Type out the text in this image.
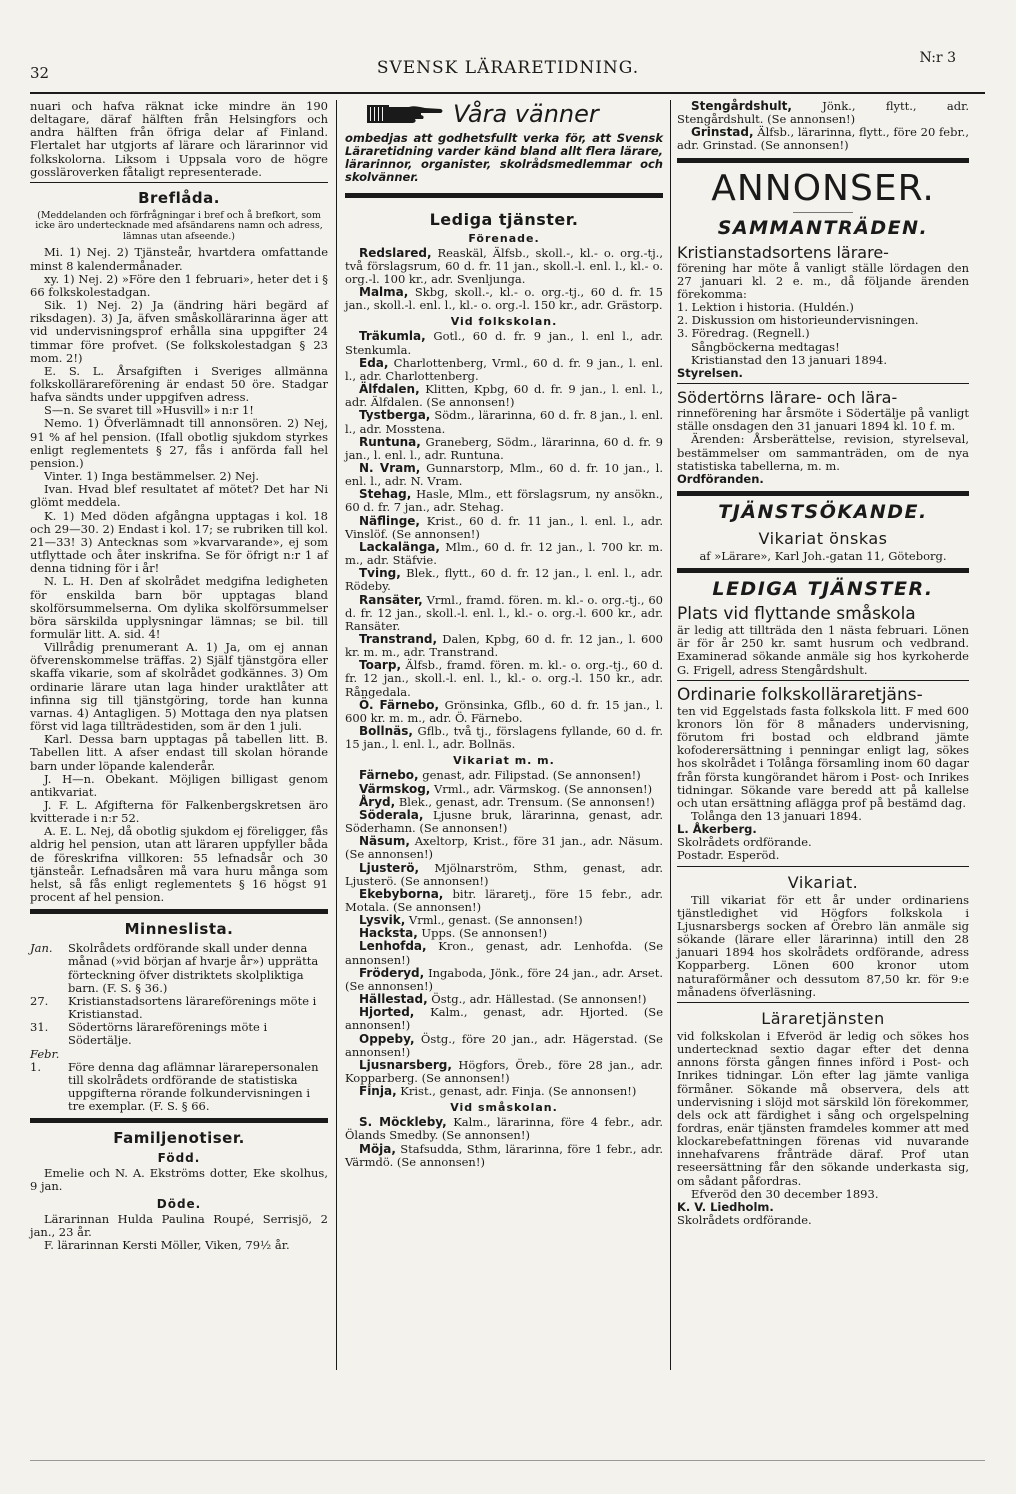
32	SVENSK LÄRARETIDNING.	N:r 3

nuari och hafva räknat icke mindre än 190 deltagare, däraf hälften från Helsingfors och andra hälften från öfriga delar af Finland. Flertalet har utgjorts af lärare och lärarinnor vid folkskolorna. Liksom i Uppsala voro de högre gossläroverken fåtaligt representerade.

Breflåda.
(Meddelanden och förfrågningar i bref och å brefkort, som icke äro undertecknade med afsändarens namn och adress, lämnas utan afseende.)

Mi. 1) Nej. 2) Tjänsteår, hvartdera omfattande minst 8 kalendermånader.

xy. 1) Nej. 2) »Före den 1 februari», heter det i § 66 folkskolestadgan.

Sik. 1) Nej. 2) Ja (ändring häri begärd af riksdagen). 3) Ja, äfven småskollärarinna äger att vid undervisningsprof erhålla sina uppgifter 24 timmar före profvet. (Se folkskolestadgan § 23 mom. 2!)

E. S. L. Årsafgiften i Sveriges allmänna folkskollärareförening är endast 50 öre. Stadgar hafva sändts under uppgifven adress.

S—n. Se svaret till »Husvill» i n:r 1!

Nemo. 1) Öfverlämnadt till annonsören. 2) Nej, 91 % af hel pension. (Ifall obotlig sjukdom styrkes enligt reglementets § 27, fås i anförda fall hel pension.)

Vinter. 1) Inga bestämmelser. 2) Nej.

Ivan. Hvad blef resultatet af mötet? Det har Ni glömt meddela.

K. 1) Med döden afgångna upptagas i kol. 18 och 29—30. 2) Endast i kol. 17; se rubriken till kol. 21—33! 3) Antecknas som »kvarvarande», ej som utflyttade och åter inskrifna. Se för öfrigt n:r 1 af denna tidning för i år!

N. L. H. Den af skolrådet medgifna ledigheten för enskilda barn bör upptagas bland skolförsummelserna. Om dylika skolförsummelser böra särskilda upplysningar lämnas; se bil. till formulär litt. A. sid. 4!

Villrådig prenumerant A. 1) Ja, om ej annan öfverenskommelse träffas. 2) Själf tjänstgöra eller skaffa vikarie, som af skolrådet godkännes. 3) Om ordinarie lärare utan laga hinder uraktlåter att infinna sig till tjänstgöring, torde han kunna varnas. 4) Antagligen. 5) Mottaga den nya platsen först vid laga tillträdestiden, som är den 1 juli.

Karl. Dessa barn upptagas på tabellen litt. B. Tabellen litt. A afser endast till skolan hörande barn under löpande kalenderår.

J. H—n. Obekant. Möjligen billigast genom antikvariat.

J. F. L. Afgifterna för Falkenbergskretsen äro kvitterade i n:r 52.

A. E. L. Nej, då obotlig sjukdom ej föreligger, fås aldrig hel pension, utan att läraren uppfyller båda de föreskrifna villkoren: 55 lefnadsår och 30 tjänsteår. Lefnadsåren må vara huru många som helst, så fås enligt reglementets § 16 högst 91 procent af hel pension.

Minneslista.
Jan. Skolrådets ordförande skall under denna månad (»vid början af hvarje år») upprätta förteckning öfver distriktets skolpliktiga barn. (F. S. § 36.)
27. Kristianstadsortens lärareförenings möte i Kristianstad.
31. Södertörns lärareförenings möte i Södertälje.
Febr.
1. Före denna dag aflämnar lärarepersonalen till skolrådets ordförande de statistiska uppgifterna rörande folkundervisningen i tre exemplar. (F. S. § 66.
Familjenotiser.
Född.

Emelie och N. A. Ekströms dotter, Eke skolhus, 9 jan.

Döde.

Lärarinnan Hulda Paulina Roupé, Serrisjö, 2 jan., 23 år.

F. lärarinnan Kersti Möller, Viken, 79½ år.

Våra vänner

ombedjas att godhetsfullt verka för, att Svensk Läraretidning varder känd bland allt flera lärare, lärarinnor, organister, skolrådsmedlemmar och skolvänner.

Lediga tjänster.
Förenade.

Redslared, Reaskäl, Älfsb., skoll.-, kl.- o. org.-tj., två förslagsrum, 60 d. fr. 11 jan., skoll.-l. enl. l., kl.- o. org.-l. 100 kr., adr. Svenljunga.

Malma, Skbg, skoll.-, kl.- o. org.-tj., 60 d. fr. 15 jan., skoll.-l. enl. l., kl.- o. org.-l. 150 kr., adr. Grästorp.

Vid folkskolan.

Träkumla, Gotl., 60 d. fr. 9 jan., l. enl l., adr. Stenkumla.

Eda, Charlottenberg, Vrml., 60 d. fr. 9 jan., l. enl. l., adr. Charlottenberg.

Älfdalen, Klitten, Kpbg, 60 d. fr. 9 jan., l. enl. l., adr. Älfdalen. (Se annonsen!)

Tystberga, Södm., lärarinna, 60 d. fr. 8 jan., l. enl. l., adr. Mosstena.

Runtuna, Graneberg, Södm., lärarinna, 60 d. fr. 9 jan., l. enl. l., adr. Runtuna.

N. Vram, Gunnarstorp, Mlm., 60 d. fr. 10 jan., l. enl. l., adr. N. Vram.

Stehag, Hasle, Mlm., ett förslagsrum, ny ansökn., 60 d. fr. 7 jan., adr. Stehag.

Näflinge, Krist., 60 d. fr. 11 jan., l. enl. l., adr. Vinslöf. (Se annonsen!)

Lackalänga, Mlm., 60 d. fr. 12 jan., l. 700 kr. m. m., adr. Stäfvie.

Tving, Blek., flytt., 60 d. fr. 12 jan., l. enl. l., adr. Rödeby.

Ransäter, Vrml., framd. fören. m. kl.- o. org.-tj., 60 d. fr. 12 jan., skoll.-l. enl. l., kl.- o. org.-l. 600 kr., adr. Ransäter.

Transtrand, Dalen, Kpbg, 60 d. fr. 12 jan., l. 600 kr. m. m., adr. Transtrand.

Toarp, Älfsb., framd. fören. m. kl.- o. org.-tj., 60 d. fr. 12 jan., skoll.-l. enl. l., kl.- o. org.-l. 150 kr., adr. Rångedala.

Ö. Färnebo, Grönsinka, Gflb., 60 d. fr. 15 jan., l. 600 kr. m. m., adr. Ö. Färnebo.

Bollnäs, Gflb., två tj., förslagens fyllande, 60 d. fr. 15 jan., l. enl. l., adr. Bollnäs.

Vikariat m. m.

Färnebo, genast, adr. Filipstad. (Se annonsen!)

Värmskog, Vrml., adr. Värmskog. (Se annonsen!)

Åryd, Blek., genast, adr. Trensum. (Se annonsen!)

Söderala, Ljusne bruk, lärarinna, genast, adr. Söderhamn. (Se annonsen!)

Näsum, Axeltorp, Krist., före 31 jan., adr. Näsum. (Se annonsen!)

Ljusterö, Mjölnarström, Sthm, genast, adr. Ljusterö. (Se annonsen!)

Ekebyborna, bitr. läraretj., före 15 febr., adr. Motala. (Se annonsen!)

Lysvik, Vrml., genast. (Se annonsen!)

Hacksta, Upps. (Se annonsen!)

Lenhofda, Kron., genast, adr. Lenhofda. (Se annonsen!)

Fröderyd, Ingaboda, Jönk., före 24 jan., adr. Arset. (Se annonsen!)

Hällestad, Östg., adr. Hällestad. (Se annonsen!)

Hjorted, Kalm., genast, adr. Hjorted. (Se annonsen!)

Oppeby, Östg., före 20 jan., adr. Hägerstad. (Se annonsen!)

Ljusnarsberg, Högfors, Öreb., före 28 jan., adr. Kopparberg. (Se annonsen!)

Finja, Krist., genast, adr. Finja. (Se annonsen!)

Vid småskolan.

S. Möckleby, Kalm., lärarinna, före 4 febr., adr. Ölands Smedby. (Se annonsen!)

Möja, Stafsudda, Sthm, lärarinna, före 1 febr., adr. Värmdö. (Se annonsen!)

Stengårdshult, Jönk., flytt., adr. Stengårdshult. (Se annonsen!)

Grinstad, Älfsb., lärarinna, flytt., före 20 febr., adr. Grinstad. (Se annonsen!)

ANNONSER.
SAMMANTRÄDEN.
Kristianstadsortens lärare-

förening har möte å vanligt ställe lördagen den 27 januari kl. 2 e. m., då följande ärenden förekomma:

1. Lektion i historia. (Huldén.)
2. Diskussion om historieundervisningen.
3. Föredrag. (Regnell.)

Sångböckerna medtagas!

Kristianstad den 13 januari 1894.

Styrelsen.

Södertörns lärare- och lära-

rinneförening har årsmöte i Södertälje på vanligt ställe onsdagen den 31 januari 1894 kl. 10 f. m.

Ärenden: Årsberättelse, revision, styrelseval, bestämmelser om sammanträden, om de nya statistiska tabellerna, m. m.

Ordföranden.

TJÄNSTSÖKANDE.
Vikariat önskas

af »Lärare», Karl Joh.-gatan 11, Göteborg.

LEDIGA TJÄNSTER.
Plats vid flyttande småskola

är ledig att tillträda den 1 nästa februari. Lönen är för år 250 kr. samt husrum och vedbrand. Examinerad sökande anmäle sig hos kyrkoherde G. Frigell, adress Stengårdshult.

Ordinarie folkskolläraretjäns-

ten vid Eggelstads fasta folkskola litt. F med 600 kronors lön för 8 månaders undervisning, förutom fri bostad och eldbrand jämte kofoderersättning i penningar enligt lag, sökes hos skolrådet i Tolånga församling inom 60 dagar från första kungörandet härom i Post- och Inrikes tidningar. Sökande vare beredd att på kallelse och utan ersättning aflägga prof på bestämd dag.

Tolånga den 13 januari 1894.

L. Åkerberg.

Skolrådets ordförande.

Postadr. Esperöd.

Vikariat.

Till vikariat för ett år under ordinariens tjänstledighet vid Högfors folkskola i Ljusnarsbergs socken af Örebro län anmäle sig sökande (lärare eller lärarinna) intill den 28 januari 1894 hos skolrådets ordförande, adress Kopparberg. Lönen 600 kronor utom naturaförmåner och dessutom 87,50 kr. för 9:e månadens öfverläsning.

Läraretjänsten

vid folkskolan i Efveröd är ledig och sökes hos undertecknad sextio dagar efter det denna annons första gången finnes införd i Post- och Inrikes tidningar. Lön efter lag jämte vanliga förmåner. Sökande må observera, dels att undervisning i slöjd mot särskild lön förekommer, dels ock att färdighet i sång och orgelspelning fordras, enär tjänsten framdeles kommer att med klockarebefattningen förenas vid nuvarande innehafvarens frånträde däraf. Prof utan reseersättning får den sökande underkasta sig, om sådant påfordras.

Efveröd den 30 december 1893.

K. V. Liedholm.

Skolrådets ordförande.
